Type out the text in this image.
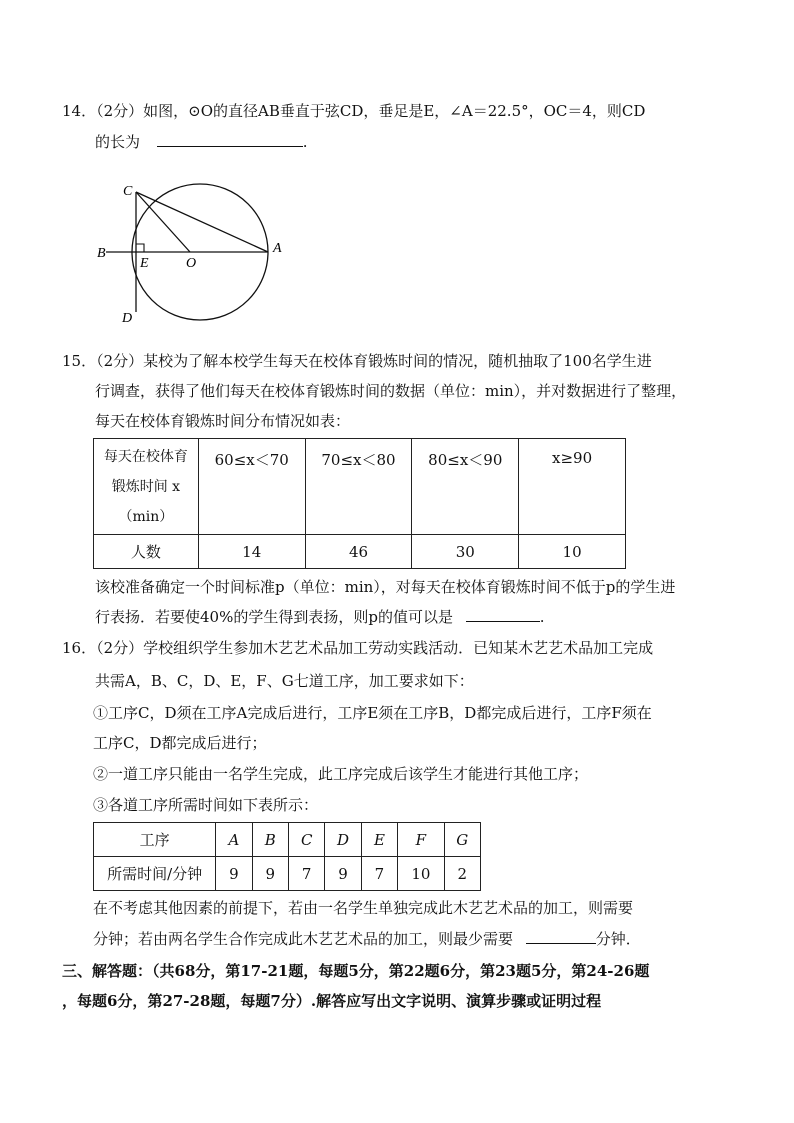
14．（2分）如图，⊙O的直径AB垂直于弦CD，垂足是E，∠A＝22.5°，OC＝4，则CD
的长为	.
C
B
E	O
A
D
15．（2分）某校为了解本校学生每天在校体育锻炼时间的情况，随机抽取了100名学生进
行调查，获得了他们每天在校体育锻炼时间的数据（单位：min），并对数据进行了整理，
每天在校体育锻炼时间分布情况如表：
每天在校体育
锻炼时间 x
（min）	60≤x＜70	70≤x＜80	80≤x＜90	x≥90
人数	14	46	30	10
该校准备确定一个时间标准p（单位：min），对每天在校体育锻炼时间不低于p的学生进
行表扬．若要使40%的学生得到表扬，则p的值可以是	.
16．（2分）学校组织学生参加木艺艺术品加工劳动实践活动．已知某木艺艺术品加工完成
共需A，B、C，D、E，F、G七道工序，加工要求如下：
①工序C，D须在工序A完成后进行，工序E须在工序B，D都完成后进行，工序F须在
工序C，D都完成后进行；
②一道工序只能由一名学生完成，此工序完成后该学生才能进行其他工序；
③各道工序所需时间如下表所示：
工序	A	B	C	D	E	F	G
所需时间/分钟	9	9	7	9	7	10	2
在不考虑其他因素的前提下，若由一名学生单独完成此木艺艺术品的加工，则需要
分钟；若由两名学生合作完成此木艺艺术品的加工，则最少需要	分钟．
三、解答题：（共68分，第17-21题，每题5分，第22题6分，第23题5分，第24-26题
，每题6分，第27-28题，每题7分）.解答应写出文字说明、演算步骤或证明过程
